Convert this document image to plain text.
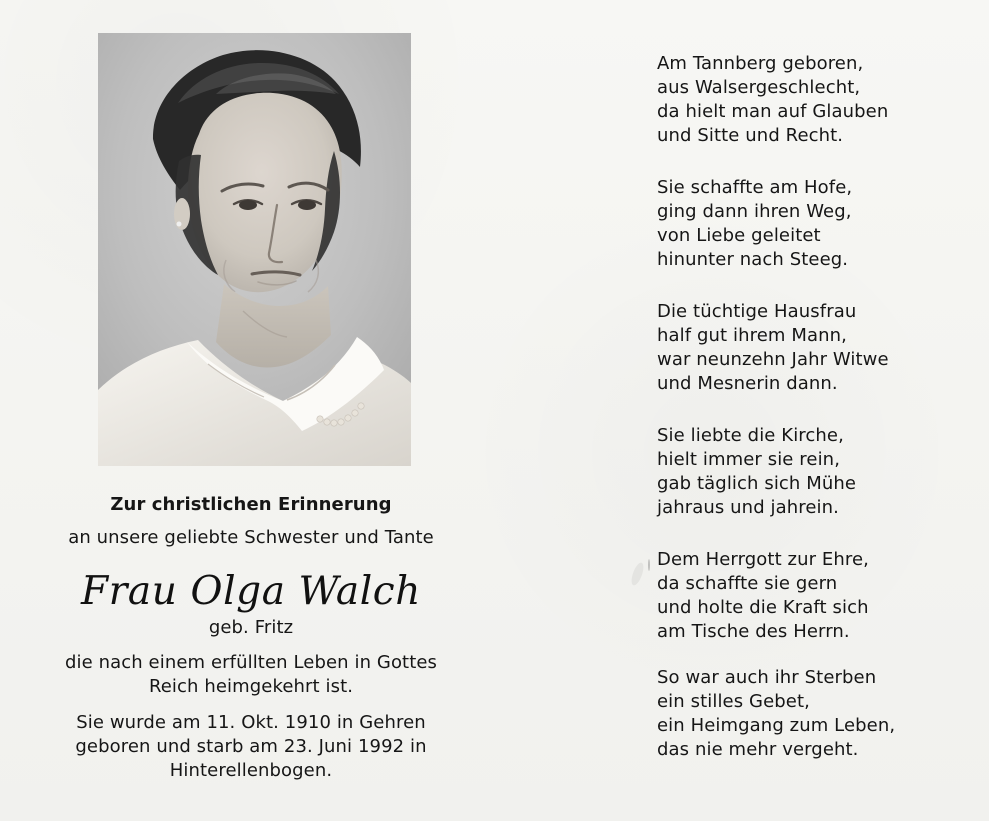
Zur christlichen Erinnerung
an unsere geliebte Schwester und Tante
Frau Olga Walch
geb. Fritz
die nach einem erfüllten Leben in Gottes
Reich heimgekehrt ist.
Sie wurde am 11. Okt. 1910 in Gehren
geboren und starb am 23. Juni 1992 in
Hinterellenbogen.
Am Tannberg geboren,
aus Walsergeschlecht,
da hielt man auf Glauben
und Sitte und Recht.
Sie schaffte am Hofe,
ging dann ihren Weg,
von Liebe geleitet
hinunter nach Steeg.
Die tüchtige Hausfrau
half gut ihrem Mann,
war neunzehn Jahr Witwe
und Mesnerin dann.
Sie liebte die Kirche,
hielt immer sie rein,
gab täglich sich Mühe
jahraus und jahrein.
Dem Herrgott zur Ehre,
da schaffte sie gern
und holte die Kraft sich
am Tische des Herrn.
So war auch ihr Sterben
ein stilles Gebet,
ein Heimgang zum Leben,
das nie mehr vergeht.
